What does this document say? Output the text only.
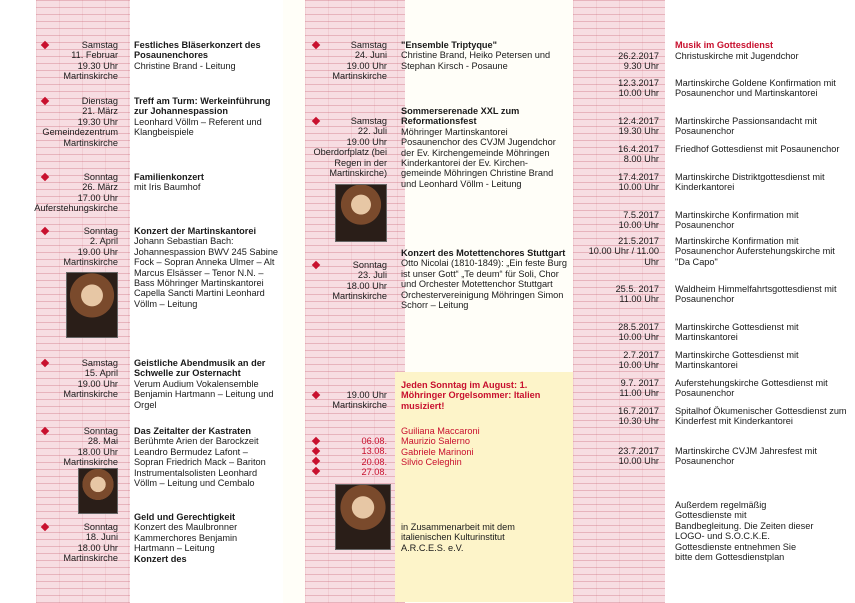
Samstag
11. Februar
19.30 Uhr
Martinskirche
Festliches Bläserkonzert des Posaunenchores
Christine Brand - Leitung
Dienstag
21. März
19.30 Uhr
Gemeindezentrum Martinskirche
Treff am Turm: Werkeinführung zur Johannespassion
Leonhard Völlm – Referent und Klangbeispiele
Sonntag
26. März
17.00 Uhr
Auferstehungskirche
Familienkonzert
mit Iris Baumhof
Sonntag
2. April
19.00 Uhr
Martinskirche
Konzert der Martinskantorei
Johann Sebastian Bach: Johannespassion BWV 245 Sabine Fock – Sopran Anneka Ulmer – Alt Marcus Elsässer – Tenor N.N. – Bass Möhringer Martinskantorei Capella Sancti Martini Leonhard Völlm – Leitung
Samstag
15. April
19.00 Uhr
Martinskirche
Geistliche Abendmusik an der Schwelle zur Osternacht
Verum Audium Vokalensemble Benjamin Hartmann – Leitung und Orgel
Sonntag
28. Mai
18.00 Uhr
Martinskirche
Das Zeitalter der Kastraten
Berühmte Arien der Barockzeit Leandro Bermudez Lafont – Sopran Friedrich Mack – Bariton Instrumentalsolisten Leonhard Völlm – Leitung und Cembalo
Sonntag
18. Juni
18.00 Uhr
Martinskirche
Geld und Gerechtigkeit
Konzert des Maulbronner Kammerchores Benjamin Hartmann – Leitung
Konzert des
Samstag
24. Juni
19.00 Uhr
Martinskirche
"Ensemble Triptyque"
Christine Brand, Heiko Petersen und Stephan Kirsch - Posaune
Samstag
22. Juli
19.00 Uhr
Oberdorfplatz (bei Regen in der Martinskirche)
Sommerserenade XXL zum Reformationsfest
Möhringer Martinskantorei Posaunenchor des CVJM Jugendchor der Ev. Kirchengemeinde Möhringen Kinderkantorei der Ev. Kirchen-gemeinde Möhringen Christine Brand und Leonhard Völlm - Leitung
Sonntag
23. Juli
18.00 Uhr
Martinskirche
Konzert des Motettenchores Stuttgart
Otto Nicolai (1810-1849): „Ein feste Burg ist unser Gott“ „Te deum“ für Soli, Chor und Orchester Motettenchor Stuttgart Orchestervereinigung Möhringen Simon Schorr – Leitung
19.00 Uhr
Martinskirche
Jeden Sonntag im August: 1. Möhringer Orgelsommer: Italien musiziert!
06.08.
13.08.
20.08.
27.08.
Guiliana Maccaroni
Maurizio Salerno
Gabriele Marinoni
Silvio Celeghin
in Zusammenarbeit mit dem italienischen Kulturinstitut A.R.C.E.S. e.V.
Musik im Gottesdienst
26.2.2017
9.30 Uhr
Christuskirche mit Jugendchor
12.3.2017
10.00 Uhr
Martinskirche Goldene Konfirmation mit Posaunenchor und Martinskantorei
12.4.2017
19.30 Uhr
Martinskirche Passionsandacht mit Posaunenchor
16.4.2017
8.00 Uhr
Friedhof Gottesdienst mit Posaunenchor
17.4.2017
10.00 Uhr
Martinskirche Distriktgottesdienst mit Kinderkantorei
7.5.2017
10.00 Uhr
Martinskirche Konfirmation mit Posaunenchor
21.5.2017
10.00 Uhr / 11.00 Uhr
Martinskirche Konfirmation mit Posaunenchor Auferstehungskirche mit "Da Capo"
25.5. 2017
11.00 Uhr
Waldheim Himmelfahrtsgottesdienst mit Posaunenchor
28.5.2017
10.00 Uhr
Martinskirche Gottesdienst mit Martinskantorei
2.7.2017
10.00 Uhr
Martinskirche Gottesdienst mit Martinskantorei
9.7. 2017
11.00 Uhr
Auferstehungskirche Gottesdienst mit Posaunenchor
16.7.2017
10.30 Uhr
Spitalhof Ökumenischer Gottesdienst zum Kinderfest mit Kinderkantorei
23.7.2017
10.00 Uhr
Martinskirche CVJM Jahresfest mit Posaunenchor
Außerdem regelmäßig Gottesdienste mit Bandbegleitung. Die Zeiten dieser LOGO- und S.O.C.K.E. Gottesdienste entnehmen Sie bitte dem Gottesdienstplan
